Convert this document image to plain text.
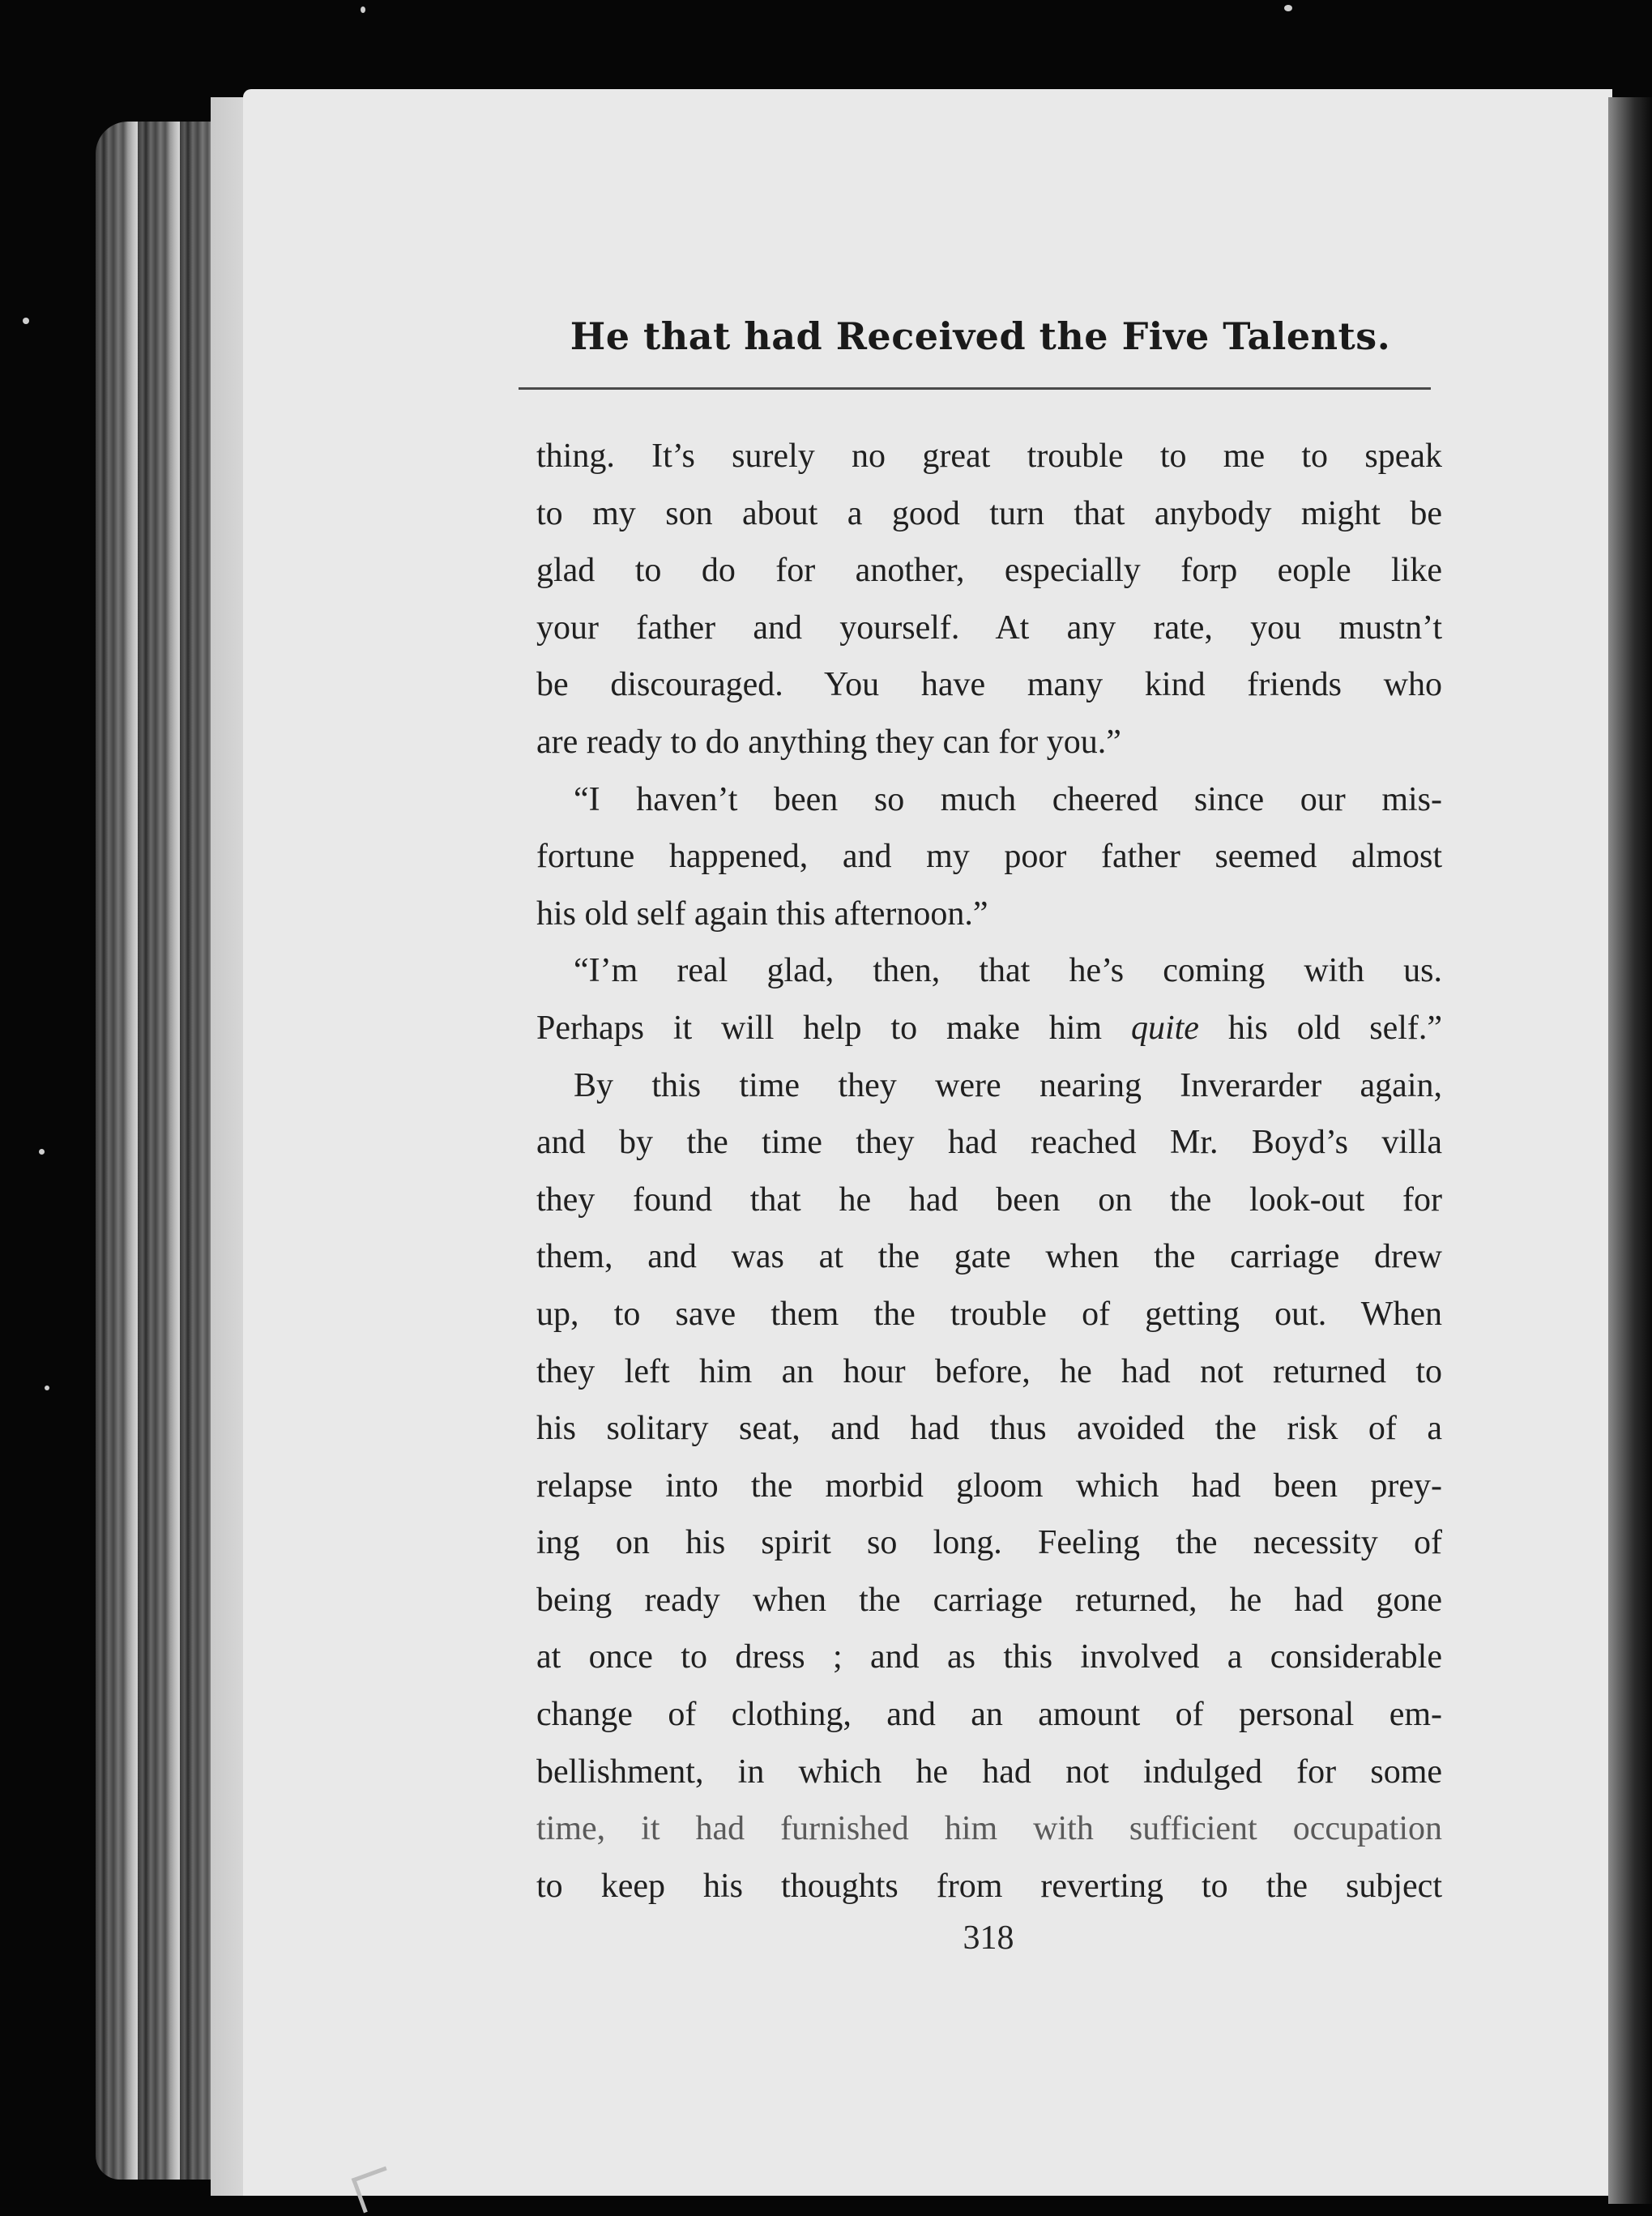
He that had Received the Five Talents.
thing. It’s surely no great trouble to me to speak
to my son about a good turn that anybody might be
glad to do for another, especially forp eople like
your father and yourself. At any rate, you mustn’t
be discouraged. You have many kind friends who
are ready to do anything they can for you.”
“I haven’t been so much cheered since our mis-
fortune happened, and my poor father seemed almost
his old self again this afternoon.”
“I’m real glad, then, that he’s coming with us.
Perhaps it will help to make him quite his old self.”
By this time they were nearing Inverarder again,
and by the time they had reached Mr. Boyd’s villa
they found that he had been on the look-out for
them, and was at the gate when the carriage drew
up, to save them the trouble of getting out. When
they left him an hour before, he had not returned to
his solitary seat, and had thus avoided the risk of a
relapse into the morbid gloom which had been prey-
ing on his spirit so long. Feeling the necessity of
being ready when the carriage returned, he had gone
at once to dress ; and as this involved a considerable
change of clothing, and an amount of personal em-
bellishment, in which he had not indulged for some
time, it had furnished him with sufficient occupation
to keep his thoughts from reverting to the subject
318
